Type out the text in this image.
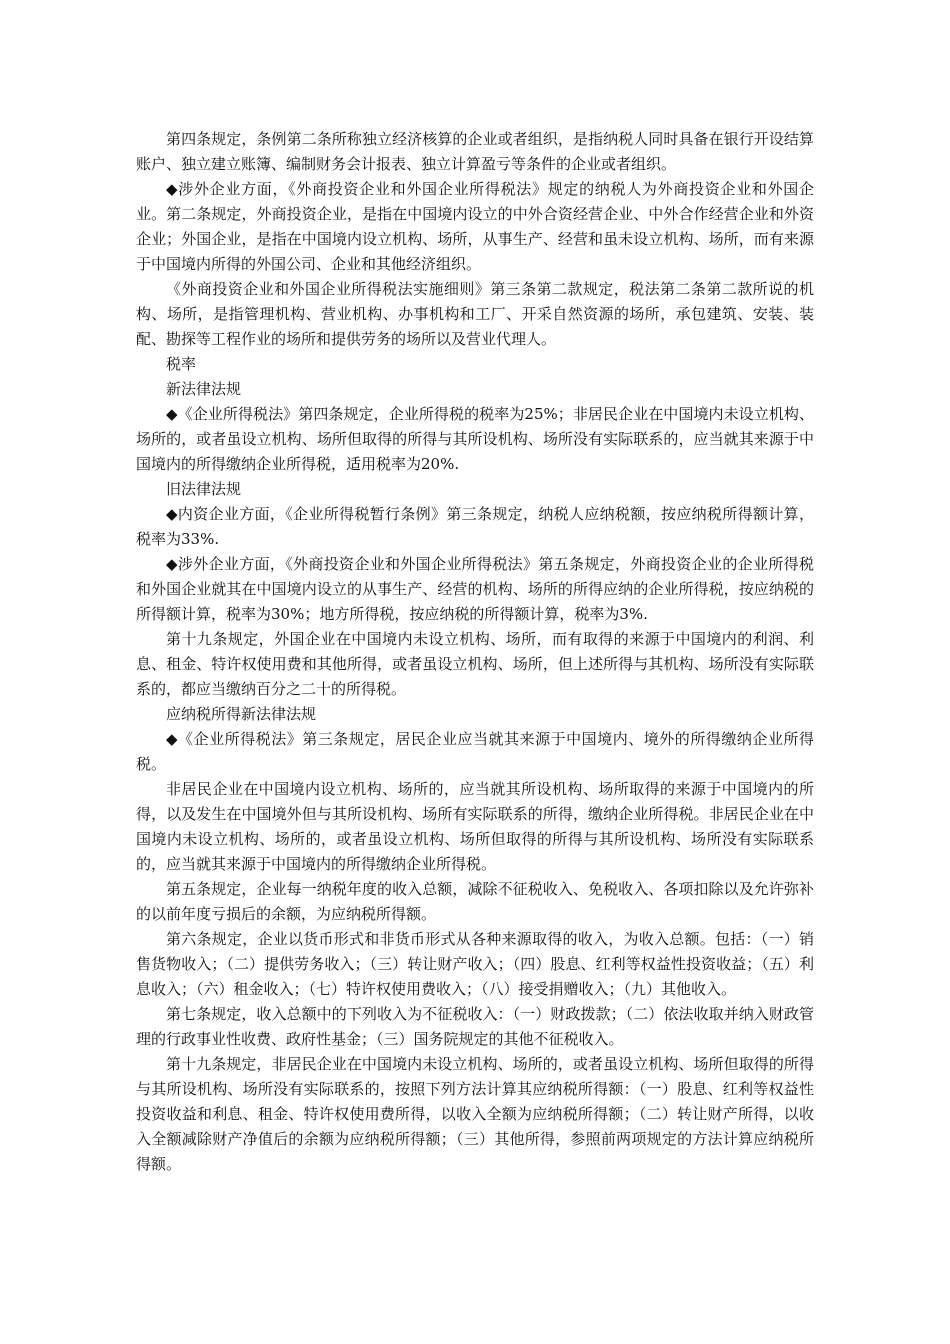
第四条规定，条例第二条所称独立经济核算的企业或者组织，是指纳税人同时具备在银行开设结算账户、独立建立账簿、编制财务会计报表、独立计算盈亏等条件的企业或者组织。

◆涉外企业方面，《外商投资企业和外国企业所得税法》规定的纳税人为外商投资企业和外国企业。第二条规定，外商投资企业，是指在中国境内设立的中外合资经营企业、中外合作经营企业和外资企业；外国企业，是指在中国境内设立机构、场所，从事生产、经营和虽未设立机构、场所，而有来源于中国境内所得的外国公司、企业和其他经济组织。

《外商投资企业和外国企业所得税法实施细则》第三条第二款规定，税法第二条第二款所说的机构、场所，是指管理机构、营业机构、办事机构和工厂、开采自然资源的场所，承包建筑、安装、装配、勘探等工程作业的场所和提供劳务的场所以及营业代理人。

税率

新法律法规

◆《企业所得税法》第四条规定，企业所得税的税率为25%；非居民企业在中国境内未设立机构、场所的，或者虽设立机构、场所但取得的所得与其所设机构、场所没有实际联系的，应当就其来源于中国境内的所得缴纳企业所得税，适用税率为20%.

旧法律法规

◆内资企业方面，《企业所得税暂行条例》第三条规定，纳税人应纳税额，按应纳税所得额计算，税率为33%.

◆涉外企业方面，《外商投资企业和外国企业所得税法》第五条规定，外商投资企业的企业所得税和外国企业就其在中国境内设立的从事生产、经营的机构、场所的所得应纳的企业所得税，按应纳税的所得额计算，税率为30%；地方所得税，按应纳税的所得额计算，税率为3%.

第十九条规定，外国企业在中国境内未设立机构、场所，而有取得的来源于中国境内的利润、利息、租金、特许权使用费和其他所得，或者虽设立机构、场所，但上述所得与其机构、场所没有实际联系的，都应当缴纳百分之二十的所得税。

应纳税所得新法律法规

◆《企业所得税法》第三条规定，居民企业应当就其来源于中国境内、境外的所得缴纳企业所得税。

非居民企业在中国境内设立机构、场所的，应当就其所设机构、场所取得的来源于中国境内的所得，以及发生在中国境外但与其所设机构、场所有实际联系的所得，缴纳企业所得税。非居民企业在中国境内未设立机构、场所的，或者虽设立机构、场所但取得的所得与其所设机构、场所没有实际联系的，应当就其来源于中国境内的所得缴纳企业所得税。

第五条规定，企业每一纳税年度的收入总额，减除不征税收入、免税收入、各项扣除以及允许弥补的以前年度亏损后的余额，为应纳税所得额。

第六条规定，企业以货币形式和非货币形式从各种来源取得的收入，为收入总额。包括：（一）销售货物收入；（二）提供劳务收入；（三）转让财产收入；（四）股息、红利等权益性投资收益；（五）利息收入；（六）租金收入；（七）特许权使用费收入；（八）接受捐赠收入；（九）其他收入。

第七条规定，收入总额中的下列收入为不征税收入：（一）财政拨款；（二）依法收取并纳入财政管理的行政事业性收费、政府性基金；（三）国务院规定的其他不征税收入。

第十九条规定，非居民企业在中国境内未设立机构、场所的，或者虽设立机构、场所但取得的所得与其所设机构、场所没有实际联系的，按照下列方法计算其应纳税所得额：（一）股息、红利等权益性投资收益和利息、租金、特许权使用费所得，以收入全额为应纳税所得额；（二）转让财产所得，以收入全额减除财产净值后的余额为应纳税所得额；（三）其他所得，参照前两项规定的方法计算应纳税所得额。
